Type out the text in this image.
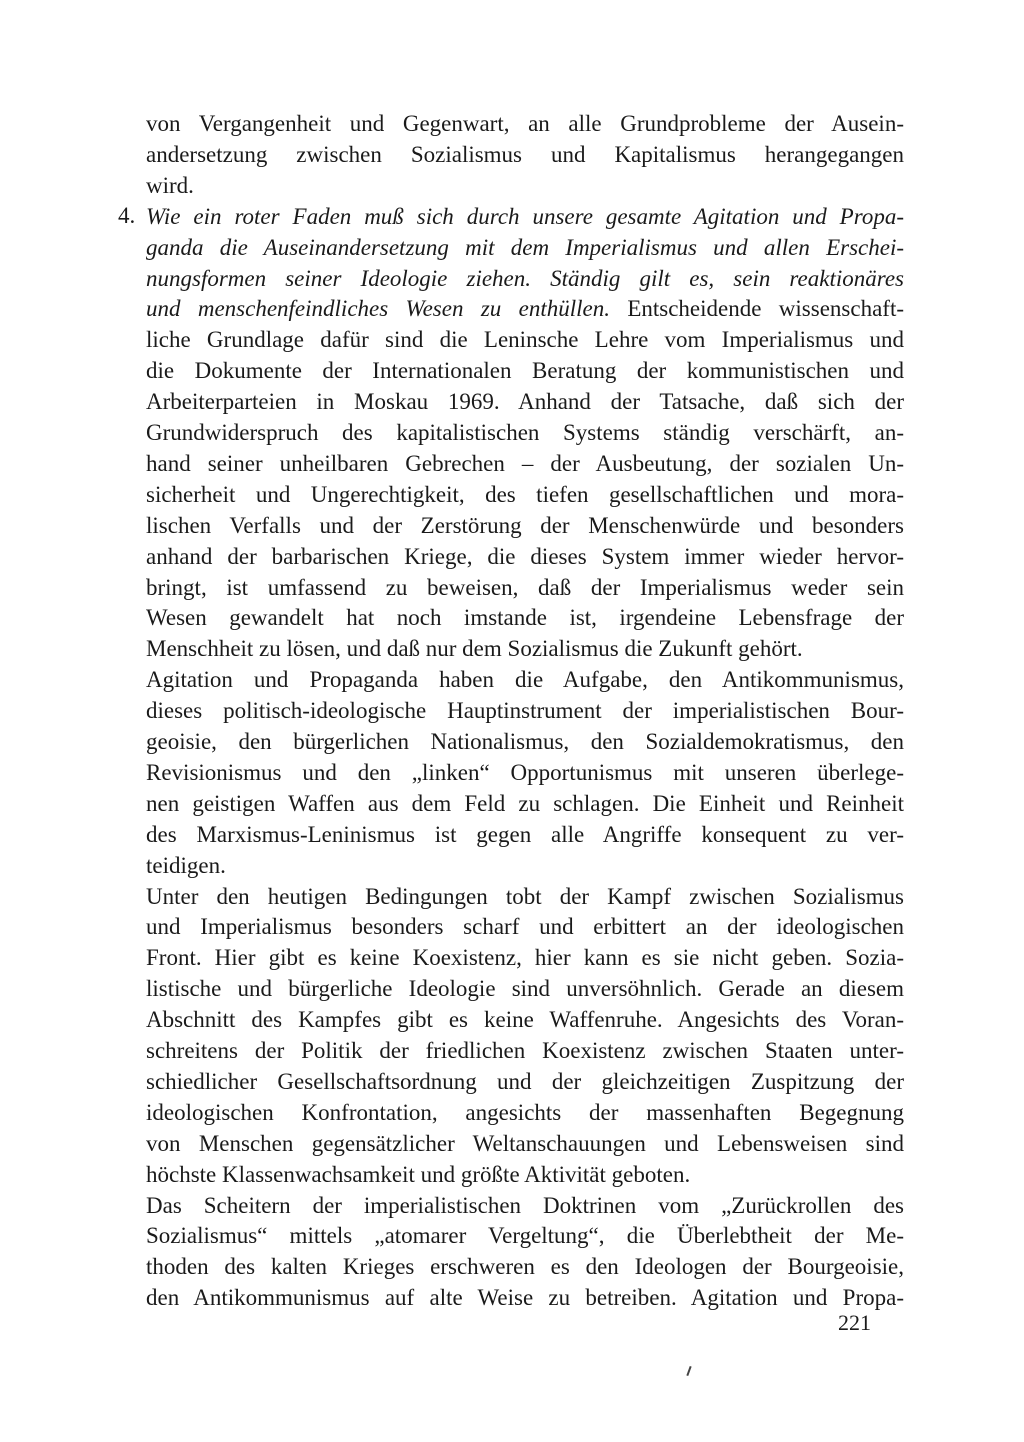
von Vergangenheit und Gegenwart, an alle Grundprobleme der Ausein-
andersetzung zwischen Sozialismus und Kapitalismus herangegangen
wird.
Wie ein roter Faden muß sich durch unsere gesamte Agitation und Propa-
ganda die Auseinandersetzung mit dem Imperialismus und allen Erschei-
nungsformen seiner Ideologie ziehen. Ständig gilt es, sein reaktionäres
und menschenfeindliches Wesen zu enthüllen. Entscheidende wissenschaft-
liche Grundlage dafür sind die Leninsche Lehre vom Imperialismus und
die Dokumente der Internationalen Beratung der kommunistischen und
Arbeiterparteien in Moskau 1969. Anhand der Tatsache, daß sich der
Grundwiderspruch des kapitalistischen Systems ständig verschärft, an-
hand seiner unheilbaren Gebrechen – der Ausbeutung, der sozialen Un-
sicherheit und Ungerechtigkeit, des tiefen gesellschaftlichen und mora-
lischen Verfalls und der Zerstörung der Menschenwürde und besonders
anhand der barbarischen Kriege, die dieses System immer wieder hervor-
bringt, ist umfassend zu beweisen, daß der Imperialismus weder sein
Wesen gewandelt hat noch imstande ist, irgendeine Lebensfrage der
Menschheit zu lösen, und daß nur dem Sozialismus die Zukunft gehört.
Agitation und Propaganda haben die Aufgabe, den Antikommunismus,
dieses politisch-ideologische Hauptinstrument der imperialistischen Bour-
geoisie, den bürgerlichen Nationalismus, den Sozialdemokratismus, den
Revisionismus und den „linken“ Opportunismus mit unseren überlege-
nen geistigen Waffen aus dem Feld zu schlagen. Die Einheit und Reinheit
des Marxismus-Leninismus ist gegen alle Angriffe konsequent zu ver-
teidigen.
Unter den heutigen Bedingungen tobt der Kampf zwischen Sozialismus
und Imperialismus besonders scharf und erbittert an der ideologischen
Front. Hier gibt es keine Koexistenz, hier kann es sie nicht geben. Sozia-
listische und bürgerliche Ideologie sind unversöhnlich. Gerade an diesem
Abschnitt des Kampfes gibt es keine Waffenruhe. Angesichts des Voran-
schreitens der Politik der friedlichen Koexistenz zwischen Staaten unter-
schiedlicher Gesellschaftsordnung und der gleichzeitigen Zuspitzung der
ideologischen Konfrontation, angesichts der massenhaften Begegnung
von Menschen gegensätzlicher Weltanschauungen und Lebensweisen sind
höchste Klassenwachsamkeit und größte Aktivität geboten.
Das Scheitern der imperialistischen Doktrinen vom „Zurückrollen des
Sozialismus“ mittels „atomarer Vergeltung“, die Überlebtheit der Me-
thoden des kalten Krieges erschweren es den Ideologen der Bourgeoisie,
den Antikommunismus auf alte Weise zu betreiben. Agitation und Propa-
4.
221
